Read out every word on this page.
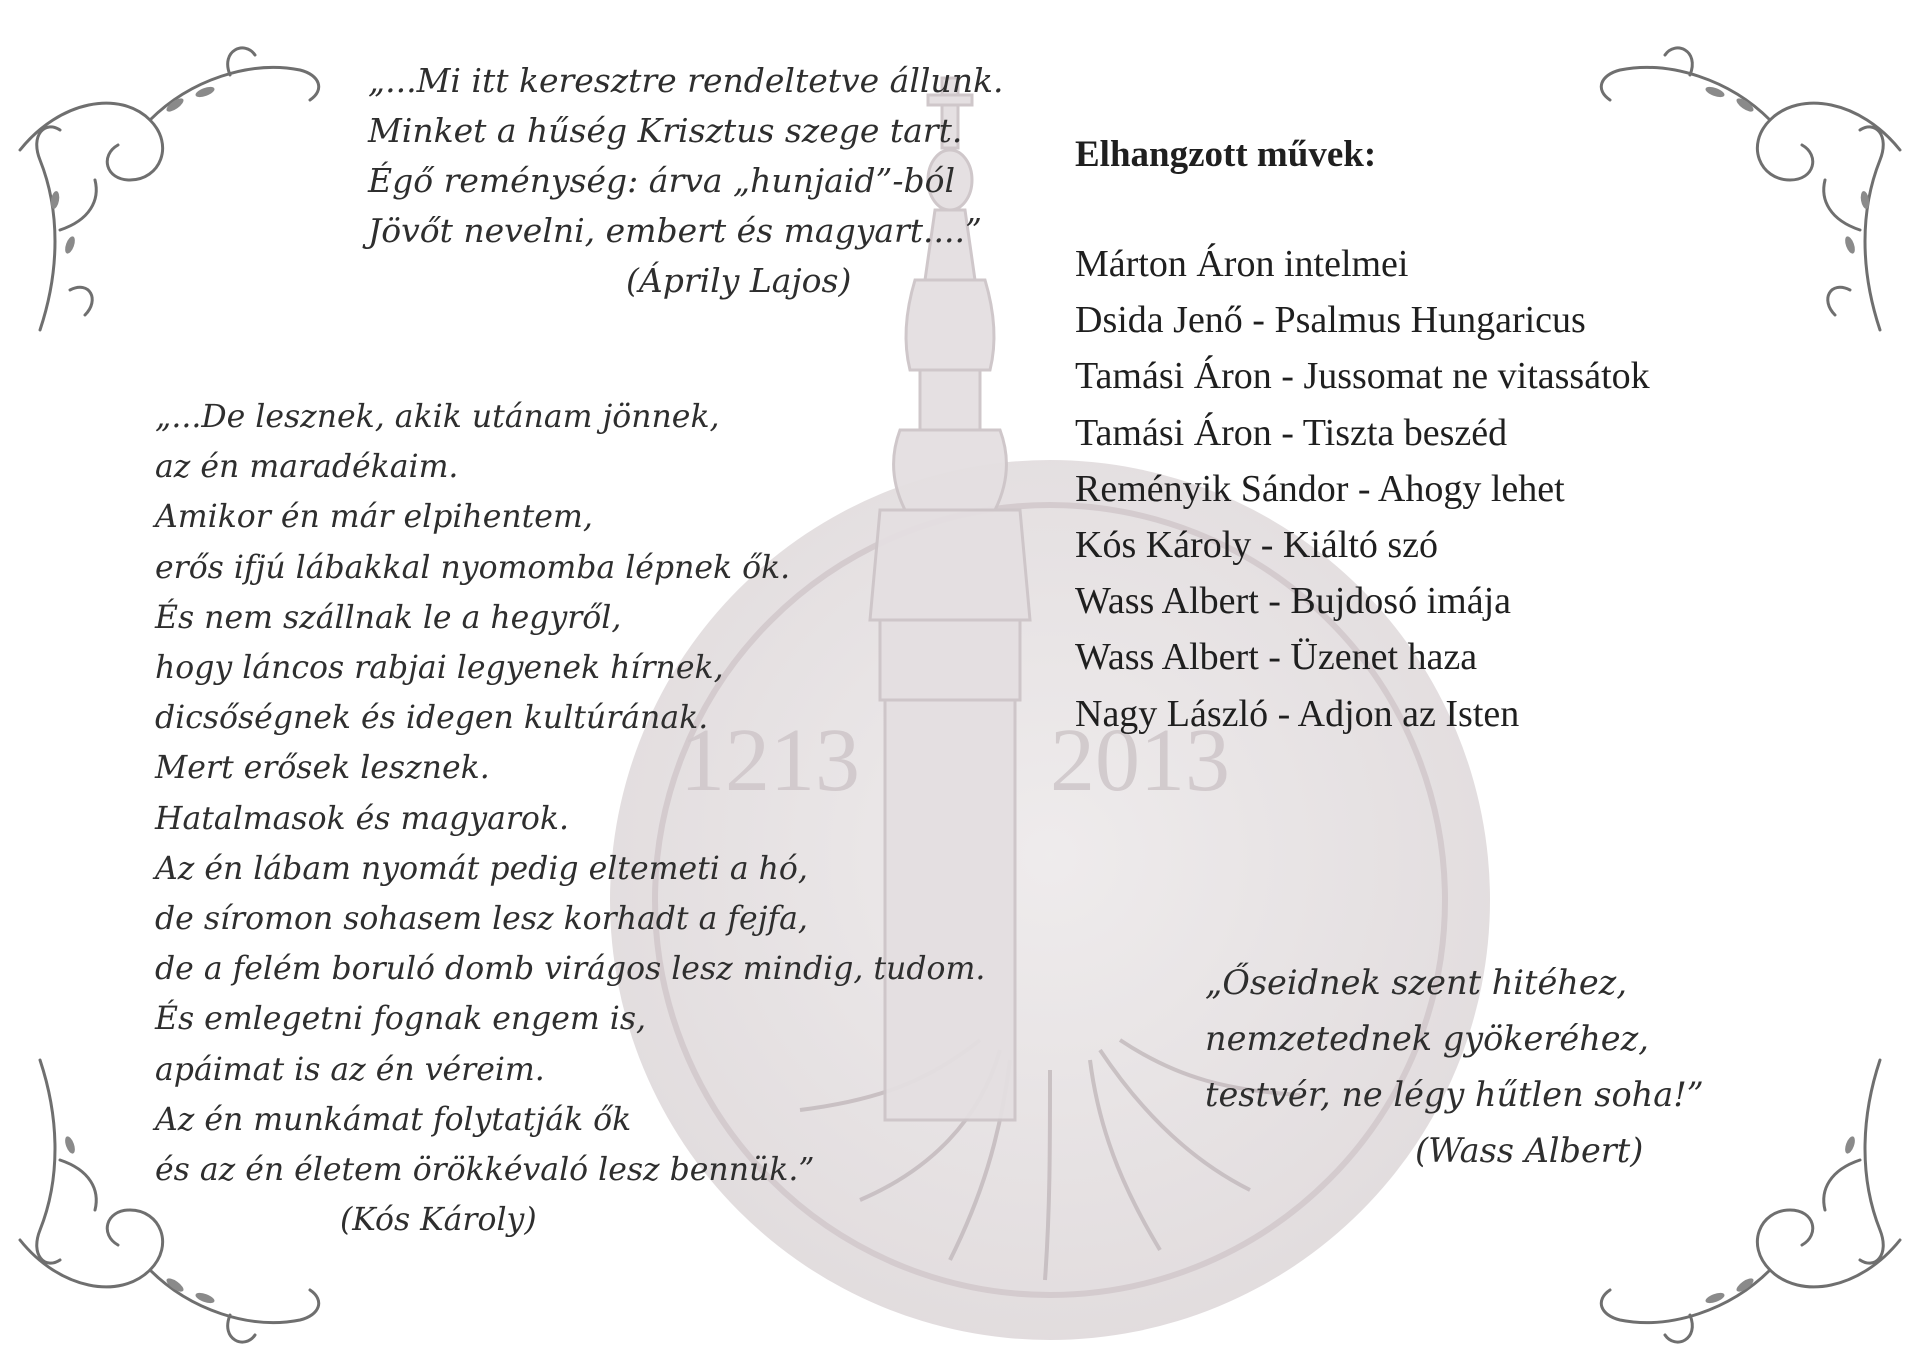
1213 2013
„...Mi itt keresztre rendeltetve állunk.
Minket a hűség Krisztus szege tart.
Égő reménység: árva „hunjaid”-ból
Jövőt nevelni, embert és magyart....”
(Áprily Lajos)
„...De lesznek, akik utánam jönnek,
az én maradékaim.
Amikor én már elpihentem,
erős ifjú lábakkal nyomomba lépnek ők.
És nem szállnak le a hegyről,
hogy láncos rabjai legyenek hírnek,
dicsőségnek és idegen kultúrának.
Mert erősek lesznek.
Hatalmasok és magyarok.
Az én lábam nyomát pedig eltemeti a hó,
de síromon sohasem lesz korhadt a fejfa,
de a felém boruló domb virágos lesz mindig, tudom.
És emlegetni fognak engem is,
apáimat is az én véreim.
Az én munkámat folytatják ők
és az én életem örökkévaló lesz bennük.”
(Kós Károly)
Elhangzott művek:
Márton Áron intelmei
Dsida Jenő - Psalmus Hungaricus
Tamási Áron - Jussomat ne vitassátok
Tamási Áron - Tiszta beszéd
Reményik Sándor - Ahogy lehet
Kós Károly - Kiáltó szó
Wass Albert - Bujdosó imája
Wass Albert - Üzenet haza
Nagy László - Adjon az Isten
„Őseidnek szent hitéhez,
nemzetednek gyökeréhez,
testvér, ne légy hűtlen soha!”
(Wass Albert)
